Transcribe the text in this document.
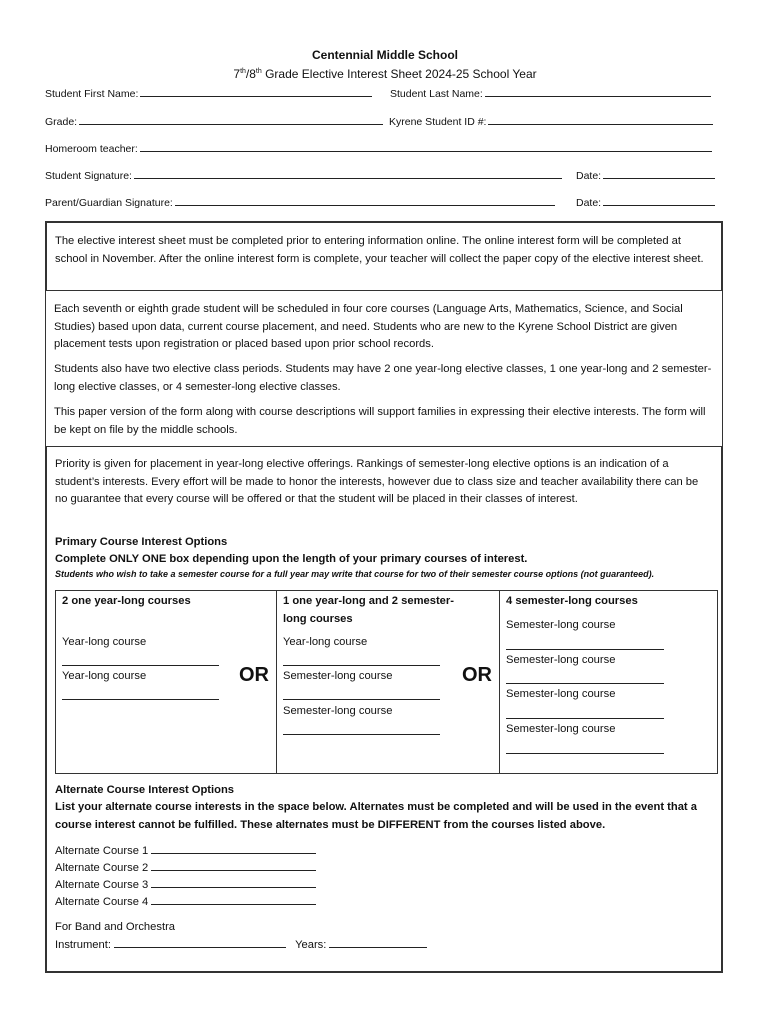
Centennial Middle School
7th/8th Grade Elective Interest Sheet 2024-25 School Year
Student First Name:	Student Last Name:
Grade:	Kyrene Student ID #:
Homeroom teacher:
Student Signature:	Date:
Parent/Guardian Signature:	Date:

The elective interest sheet must be completed prior to entering information online. The online interest form will be completed at school in November. After the online interest form is complete, your teacher will collect the paper copy of the elective interest sheet.

Each seventh or eighth grade student will be scheduled in four core courses (Language Arts, Mathematics, Science, and Social Studies) based upon data, current course placement, and need. Students who are new to the Kyrene School District are given placement tests upon registration or placed based upon prior school records.

Students also have two elective class periods. Students may have 2 one year-long elective classes, 1 one year-long and 2 semester-long elective classes, or 4 semester-long elective classes.

This paper version of the form along with course descriptions will support families in expressing their elective interests. The form will be kept on file by the middle schools.

Priority is given for placement in year-long elective offerings. Rankings of semester-long elective options is an indication of a student’s interests. Every effort will be made to honor the interests, however due to class size and teacher availability there can be no guarantee that every course will be offered or that the student will be placed in their classes of interest.

Primary Course Interest Options

Complete ONLY ONE box depending upon the length of your primary courses of interest.

Students who wish to take a semester course for a full year may write that course for two of their semester course options (not guaranteed).

2 one year-long courses
Year-long course
Year-long course	OR
1 one year-long and 2 semester-long courses
Year-long course
Semester-long course
Semester-long course
OR
4 semester-long courses
Semester-long course
Semester-long course
Semester-long course
Semester-long course

Alternate Course Interest Options

List your alternate course interests in the space below. Alternates must be completed and will be used in the event that a course interest cannot be fulfilled. These alternates must be DIFFERENT from the courses listed above.

Alternate Course 1
Alternate Course 2
Alternate Course 3
Alternate Course 4

For Band and Orchestra

Instrument:	Years:
